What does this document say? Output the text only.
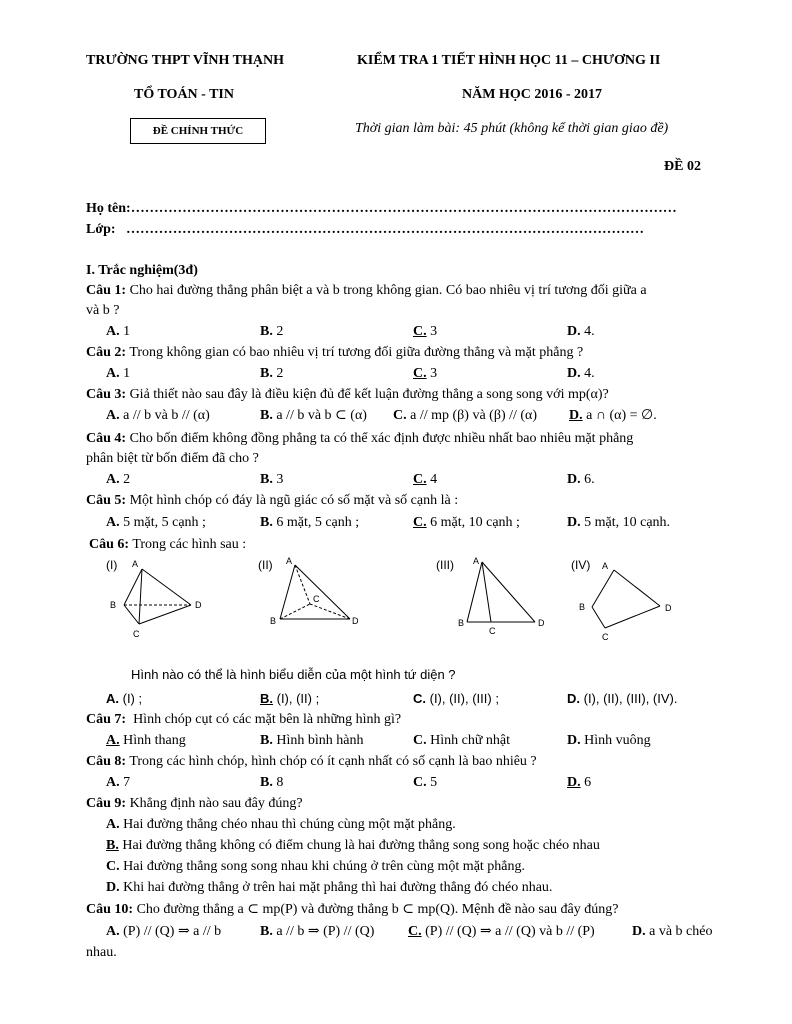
TRƯỜNG THPT VĨNH THẠNH	KIỂM TRA 1 TIẾT HÌNH HỌC 11 – CHƯƠNG II
TỔ TOÁN - TIN	NĂM HỌC 2016 - 2017
ĐỀ CHÍNH THỨC	Thời gian làm bài: 45 phút (không kể thời gian giao đề)
ĐỀ 02
Họ tên:………………………………………………………………………………………………………
Lớp: …………………………………………………………………………………………………
I. Trắc nghiệm(3đ)
Câu 1: Cho hai đường thẳng phân biệt a và b trong không gian. Có bao nhiêu vị trí tương đối giữa a
và b ?
A. 1	B. 2	C. 3	D. 4.
Câu 2: Trong không gian có bao nhiêu vị trí tương đối giữa đường thẳng và mặt phẳng ?
A. 1	B. 2	C. 3	D. 4.
Câu 3: Giả thiết nào sau đây là điều kiện đủ để kết luận đường thẳng a song song với mp(α)?
A. a // b và b // (α)	B. a // b và b ⊂ (α) C. a // mp (β) và (β) // (α) D. a ∩ (α) = ∅.
Câu 4: Cho bốn điểm không đồng phẳng ta có thể xác định được nhiều nhất bao nhiêu mặt phẳng
phân biệt từ bốn điểm đã cho ?
A. 2	B. 3	C. 4	D. 6.
Câu 5: Một hình chóp có đáy là ngũ giác có số mặt và số cạnh là :
A. 5 mặt, 5 cạnh ;	B. 6 mặt, 5 cạnh ;	C. 6 mặt, 10 cạnh ;	D. 5 mặt, 10 cạnh.
Câu 6: Trong các hình sau :
(I)	(II)	(III)	(IV)
A
B
C
D
A
B
C
D
A
B
C
D
A
B
C
D
Hình nào có thể là hình biểu diễn của một hình tứ diện ?
A. (I) ;	B. (I), (II) ;	C. (I), (II), (III) ;	D. (I), (II), (III), (IV).
Câu 7: Hình chóp cụt có các mặt bên là những hình gì?
A. Hình thang	B. Hình bình hành	C. Hình chữ nhật	D. Hình vuông
Câu 8: Trong các hình chóp, hình chóp có ít cạnh nhất có số cạnh là bao nhiêu ?
A. 7	B. 8	C. 5	D. 6
Câu 9: Khẳng định nào sau đây đúng?
A. Hai đường thẳng chéo nhau thì chúng cùng một mặt phẳng.
B. Hai đường thẳng không có điểm chung là hai đường thẳng song song hoặc chéo nhau
C. Hai đường thẳng song song nhau khi chúng ở trên cùng một mặt phẳng.
D. Khi hai đường thẳng ở trên hai mặt phẳng thì hai đường thẳng đó chéo nhau.
Câu 10: Cho đường thẳng a ⊂ mp(P) và đường thẳng b ⊂ mp(Q). Mệnh đề nào sau đây đúng?
A. (P) // (Q) ⇒ a // b	B. a // b ⇒ (P) // (Q) C. (P) // (Q) ⇒ a // (Q) và b // (P)	D. a và b chéo
nhau.
